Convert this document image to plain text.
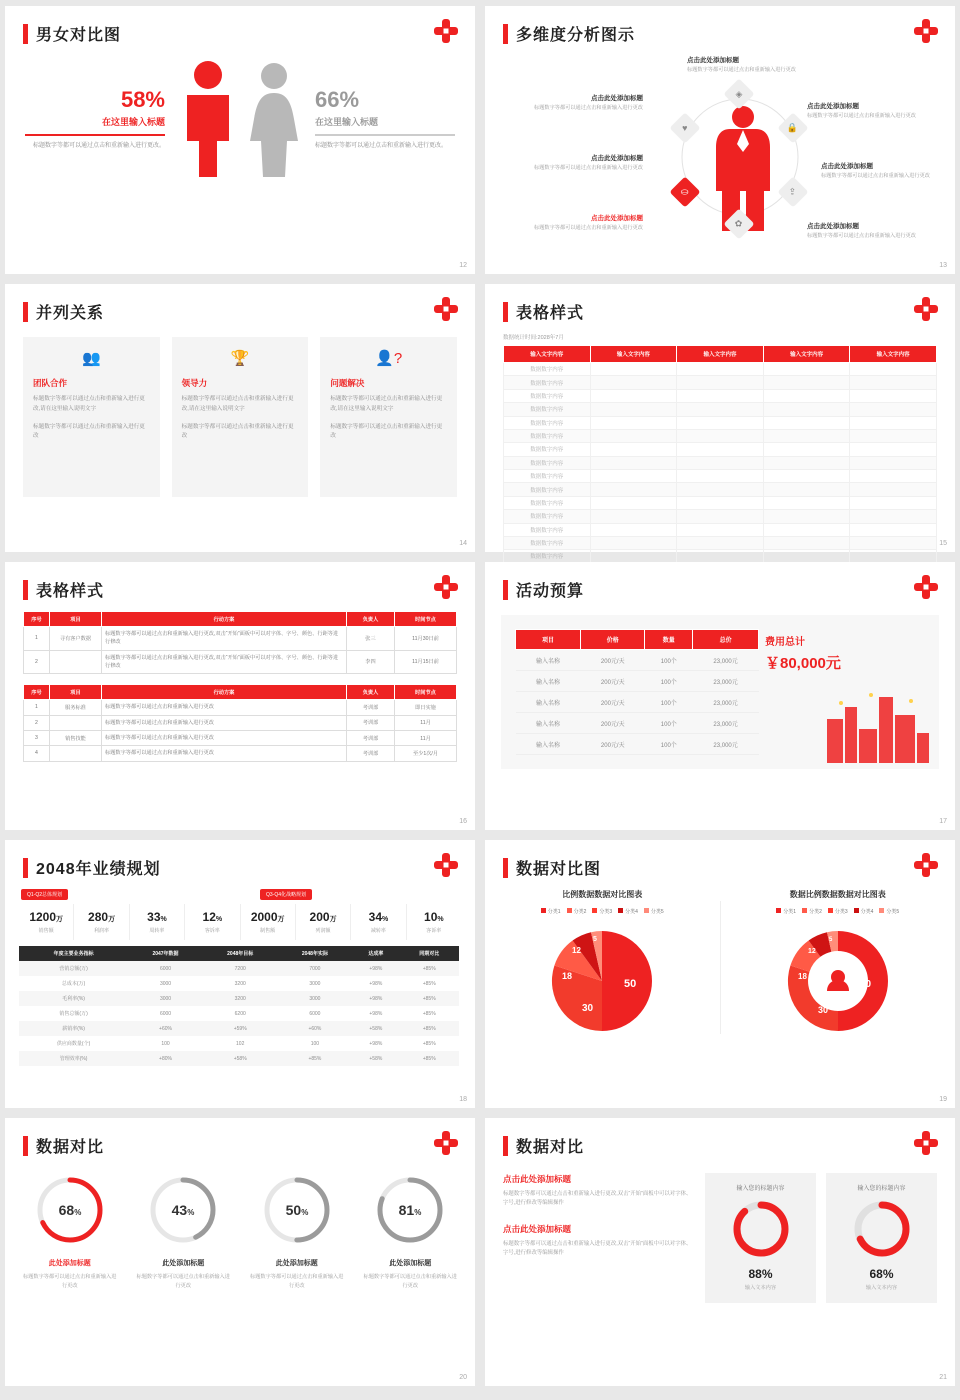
男女对比图
58%
在这里输入标题
标题数字等都可以通过点击和重新输入进行更改。
66%
在这里输入标题
标题数字等都可以通过点击和重新输入进行更改。
12
多维度分析图示
点击此处添加标题
标题数字等都可以通过点击和重新输入进行更改
点击此处添加标题
标题数字等都可以通过点击和重新输入进行更改
点击此处添加标题
标题数字等都可以通过点击和重新输入进行更改
点击此处添加标题
标题数字等都可以通过点击和重新输入进行更改
点击此处添加标题
标题数字等都可以通过点击和重新输入进行更改
点击此处添加标题
标题数字等都可以通过点击和重新输入进行更改
点击此处添加标题
标题数字等都可以通过点击和重新输入进行更改
◈
🔒
⇪
♥
⛀
✿
13
并列关系
👥
团队合作
标题数字等都可以通过点击和重新输入进行更改,请在这里输入说明文字
标题数字等都可以通过点击和重新输入进行更改
🏆
领导力
标题数字等都可以通过点击和重新输入进行更改,请在这里输入说明文字
标题数字等都可以通过点击和重新输入进行更改
👤?
问题解决
标题数字等都可以通过点击和重新输入进行更改,请在这里输入说明文字
标题数字等都可以通过点击和重新输入进行更改
14
表格样式
数据统计时间:2028年7月
输入文字内容	输入文字内容	输入文字内容	输入文字内容	输入文字内容
数据数字内容				
数据数字内容				
数据数字内容				
数据数字内容				
数据数字内容				
数据数字内容				
数据数字内容				
数据数字内容				
数据数字内容				
数据数字内容				
数据数字内容				
数据数字内容				
数据数字内容				
数据数字内容				
数据数字内容				

15
表格样式
序号	项目	行动方案	负责人	时间节点
1	寻有客户数据	标题数字等都可以通过点击和重新输入进行更改,双击“开始”面板中可以对字体、字号、颜色、行距等进行修改	张三	11月30日前
2		标题数字等都可以通过点击和重新输入进行更改,双击“开始”面板中可以对字体、字号、颜色、行距等进行修改	李四	11月15日前
序号	项目	行动方案	负责人	时间节点
1	服务标准	标题数字等都可以通过点击和重新输入进行更改	考训部	即日实施
2		标题数字等都可以通过点击和重新输入进行更改	考训部	11月
3	销售技能	标题数字等都可以通过点击和重新输入进行更改	考训部	11月
4		标题数字等都可以通过点击和重新输入进行更改	考训部	至少1次/月
16
活动预算
项目	价格	数量	总价
输入名称	200元/天	100个	23,000元
输入名称	200元/天	100个	23,000元
输入名称	200元/天	100个	23,000元
输入名称	200元/天	100个	23,000元
输入名称	200元/天	100个	23,000元
费用总计
￥80,000元
17
2048年业绩规划
Q1-Q2总体规划	Q3-Q4化战略规划
1200万
销售额
280万
利润率
33%
周转率
12%
客诉率
2000万
制售额
200万
列润额
34%
减转率
10%
客诉率
年度主要业务指标	2047年数据	2048年目标	2048年实际	达成率	同期对比
营销总额(万)	6000	7200	7000	+98%	+85%
总成本(万)	3000	3200	3000	+98%	+85%
毛利率(%)	3000	3200	3000	+98%	+85%
销售总额(万)	6000	6200	6000	+98%	+85%
薪销率(%)	+60%	+59%	+60%	+58%	+85%
供应商数量(个)	100	102	100	+98%	+85%
管理效率(%)	+80%	+58%	+85%	+58%	+85%
18
数据对比图
比例数据数据对比图表
分类1	分类2	分类3	分类4	分类5
50
30
18
12
5
数据比例数据数据对比图表
分类1	分类2	分类3	分类4	分类5
50
30
18
12
5
19
数据对比
68%
此处添加标题
标题数字等都可以通过点击和重新输入进行更改
43%
此处添加标题
标题数字等都可以通过点击和重新输入进行更改
50%
此处添加标题
标题数字等都可以通过点击和重新输入进行更改
81%
此处添加标题
标题数字等都可以通过点击和重新输入进行更改
20
数据对比
点击此处添加标题
标题数字等都可以通过点击和重新输入进行更改,双击“开始”面板中可以对字体、字号,进行修改等编辑操作
点击此处添加标题
标题数字等都可以通过点击和重新输入进行更改,双击“开始”面板中可以对字体、字号,进行修改等编辑操作
输入您的标题内容
88%
输入文本内容
输入您的标题内容
68%
输入文本内容
21
